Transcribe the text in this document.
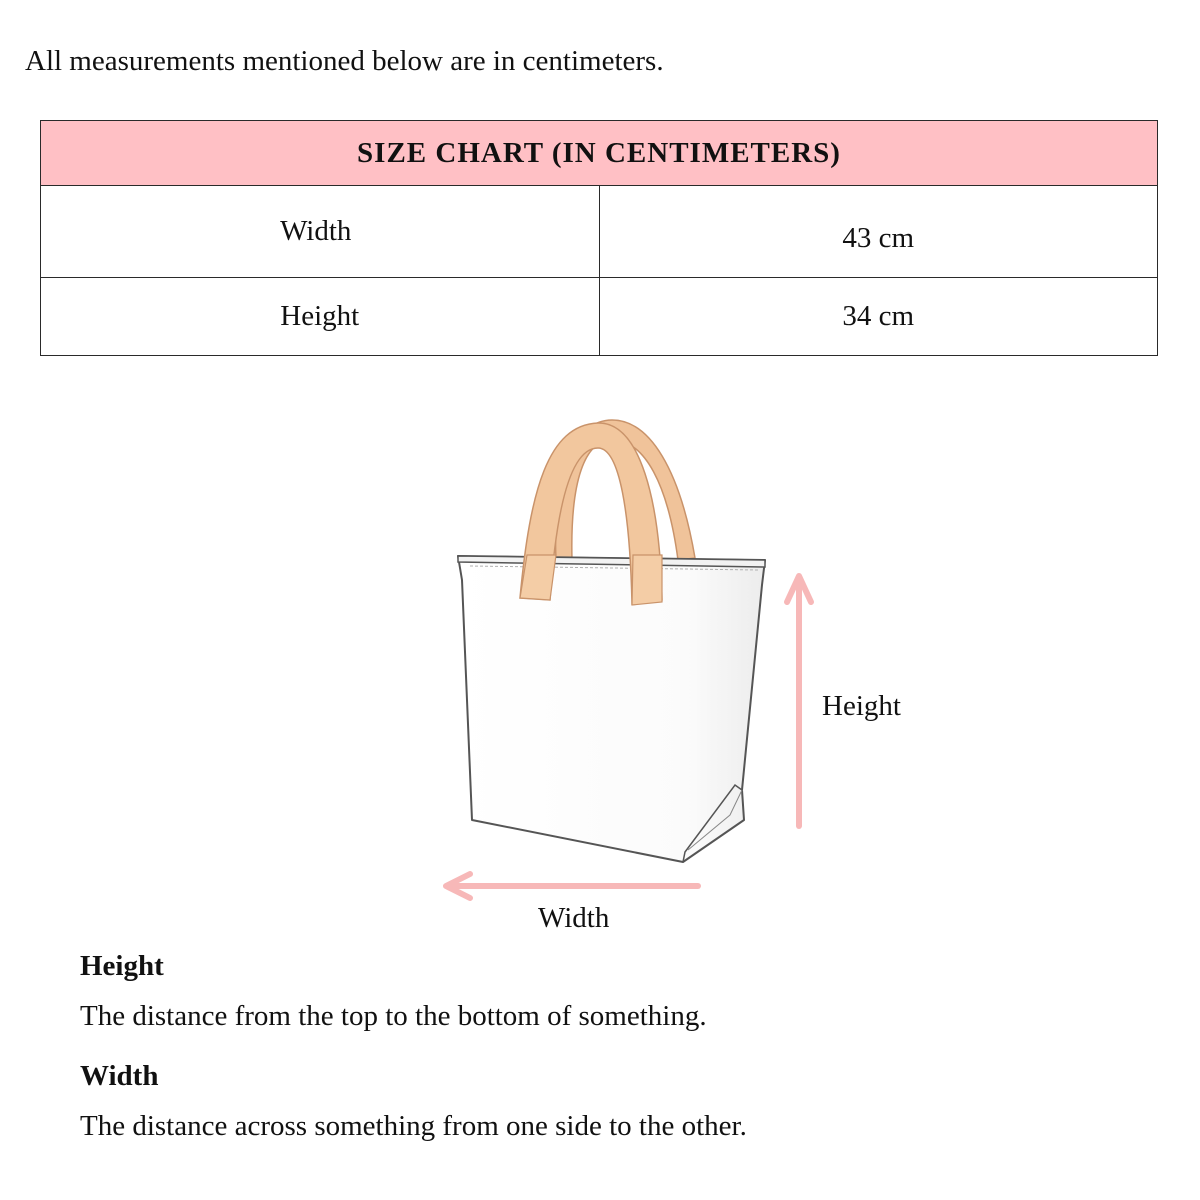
All measurements mentioned below are in centimeters.
SIZE CHART (IN CENTIMETERS)	
Width	43 cm
Height	34 cm
Height
Width

Height

The distance from the top to the bottom of something.

Width

The distance across something from one side to the other.
